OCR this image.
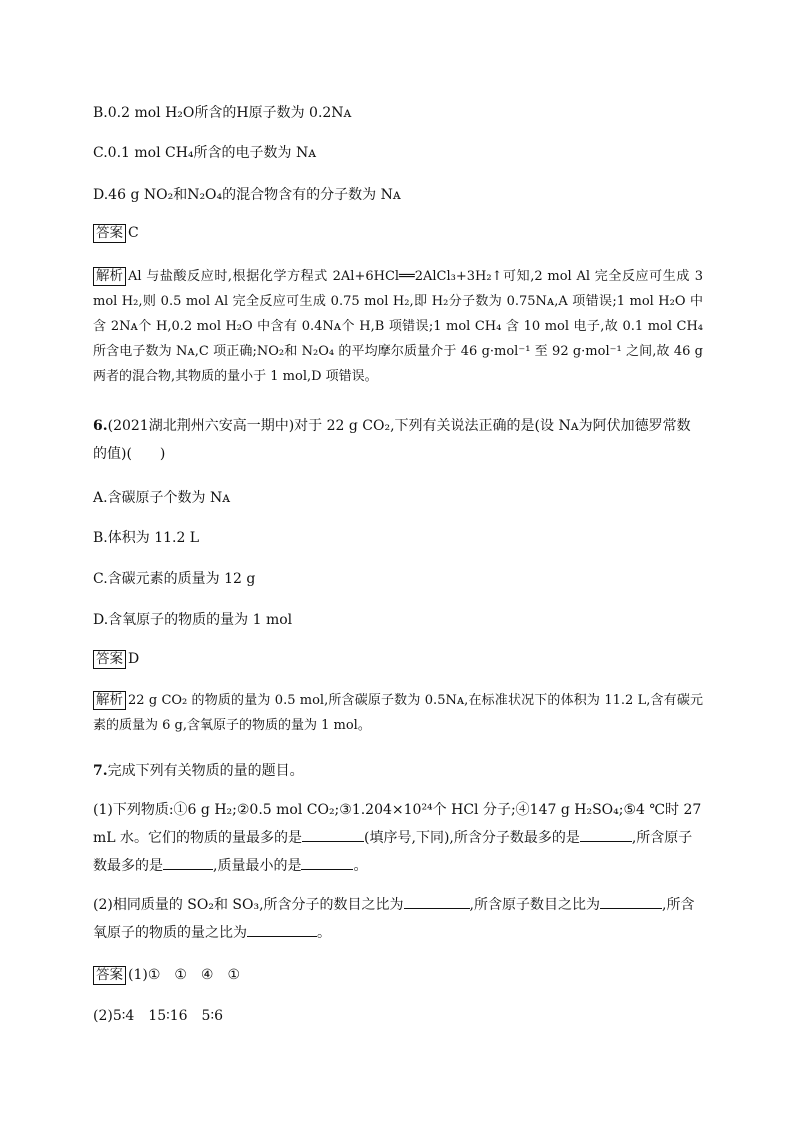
B.0.2 mol H₂O所含的H原子数为 0.2Nᴀ
C.0.1 mol CH₄所含的电子数为 Nᴀ
D.46 g NO₂和N₂O₄的混合物含有的分子数为 Nᴀ
答案 C
解析 Al 与盐酸反应时,根据化学方程式 2Al+6HCl══2AlCl₃+3H₂↑可知,2 mol Al 完全反应可生成 3 mol H₂,则 0.5 mol Al 完全反应可生成 0.75 mol H₂,即 H₂分子数为 0.75Nᴀ,A 项错误;1 mol H₂O 中含 2Nᴀ个 H,0.2 mol H₂O 中含有 0.4Nᴀ个 H,B 项错误;1 mol CH₄ 含 10 mol 电子,故 0.1 mol CH₄ 所含电子数为 Nᴀ,C 项正确;NO₂和 N₂O₄ 的平均摩尔质量介于 46 g·mol⁻¹ 至 92 g·mol⁻¹ 之间,故 46 g 两者的混合物,其物质的量小于 1 mol,D 项错误。
6.(2021湖北荆州六安高一期中)对于 22 g CO₂,下列有关说法正确的是(设 Nᴀ为阿伏加德罗常数的值)(　　)
A.含碳原子个数为 Nᴀ
B.体积为 11.2 L
C.含碳元素的质量为 12 g
D.含氧原子的物质的量为 1 mol
答案 D
解析 22 g CO₂ 的物质的量为 0.5 mol,所含碳原子数为 0.5Nᴀ,在标准状况下的体积为 11.2 L,含有碳元素的质量为 6 g,含氧原子的物质的量为 1 mol。
7.完成下列有关物质的量的题目。
(1)下列物质:①6 g H₂;②0.5 mol CO₂;③1.204×10²⁴个 HCl 分子;④147 g H₂SO₄;⑤4 ℃时 27 mL 水。它们的物质的量最多的是	(填序号,下同),所含分子数最多的是	,所含原子数最多的是	,质量最小的是	。
(2)相同质量的 SO₂和 SO₃,所含分子的数目之比为	,所含原子数目之比为	,所含氧原子的物质的量之比为	。
答案 (1)①　①　④　①
(2)5∶4　15∶16　5∶6
